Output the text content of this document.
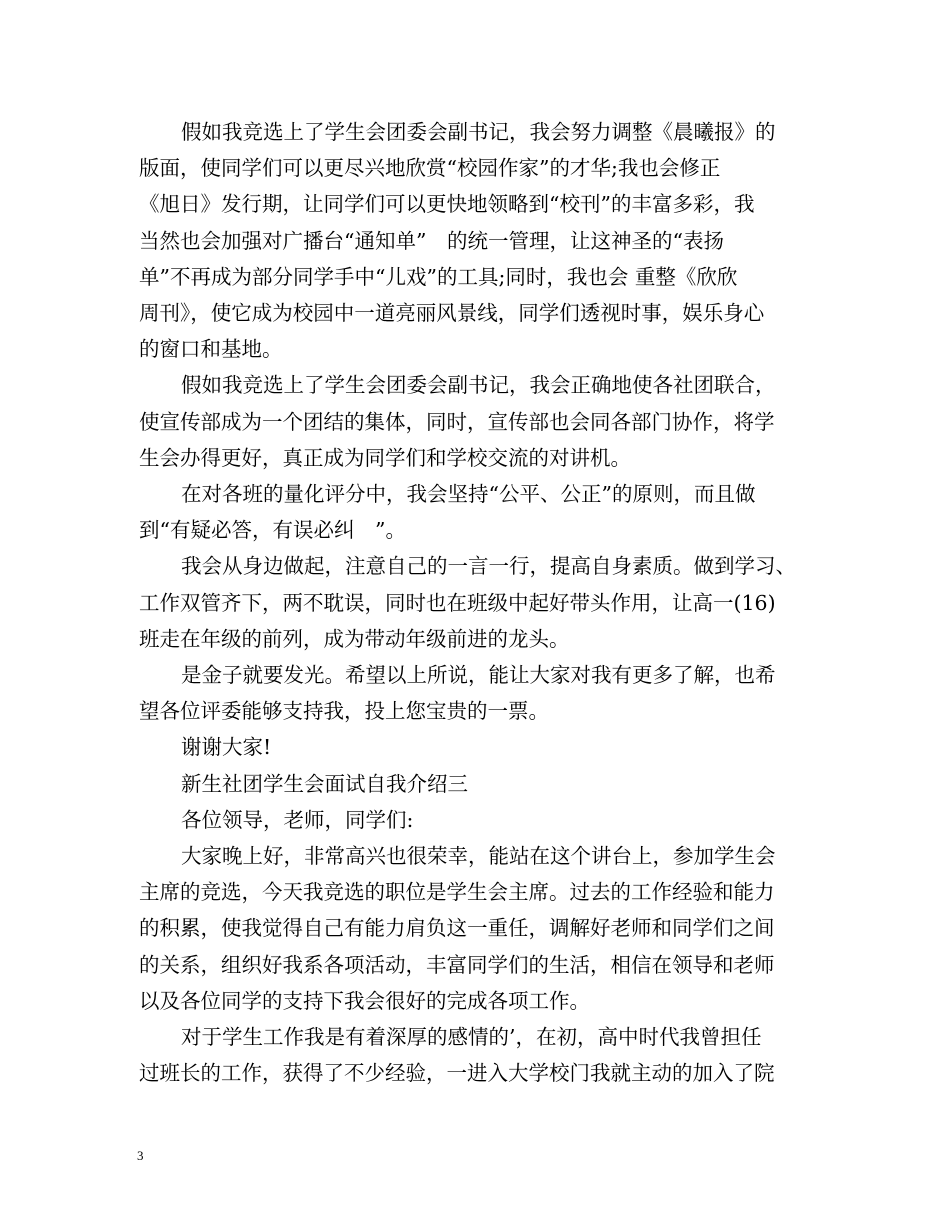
假如我竞选上了学生会团委会副书记，我会努力调整《晨曦报》的
版面，使同学们可以更尽兴地欣赏“校园作家”的才华;我也会修正
《旭日》发行期，让同学们可以更快地领略到“校刊”的丰富多彩，我
当然也会加强对广播台“通知单”　的统一管理，让这神圣的“表扬
单”不再成为部分同学手中“儿戏”的工具;同时，我也会 重整《欣欣
周刊》，使它成为校园中一道亮丽风景线，同学们透视时事，娱乐身心
的窗口和基地。
假如我竞选上了学生会团委会副书记，我会正确地使各社团联合，
使宣传部成为一个团结的集体，同时，宣传部也会同各部门协作，将学
生会办得更好，真正成为同学们和学校交流的对讲机。
在对各班的量化评分中，我会坚持“公平、公正”的原则，而且做
到“有疑必答，有误必纠　”。
我会从身边做起，注意自己的一言一行，提高自身素质。做到学习、
工作双管齐下，两不耽误，同时也在班级中起好带头作用，让高一(16)
班走在年级的前列，成为带动年级前进的龙头。
是金子就要发光。希望以上所说，能让大家对我有更多了解，也希
望各位评委能够支持我，投上您宝贵的一票。
谢谢大家!
新生社团学生会面试自我介绍三
各位领导，老师，同学们:
大家晚上好，非常高兴也很荣幸，能站在这个讲台上，参加学生会
主席的竞选，今天我竞选的职位是学生会主席。过去的工作经验和能力
的积累，使我觉得自己有能力肩负这一重任，调解好老师和同学们之间
的关系，组织好我系各项活动，丰富同学们的生活，相信在领导和老师
以及各位同学的支持下我会很好的完成各项工作。
对于学生工作我是有着深厚的感情的’，在初，高中时代我曾担任
过班长的工作，获得了不少经验，一进入大学校门我就主动的加入了院
3
